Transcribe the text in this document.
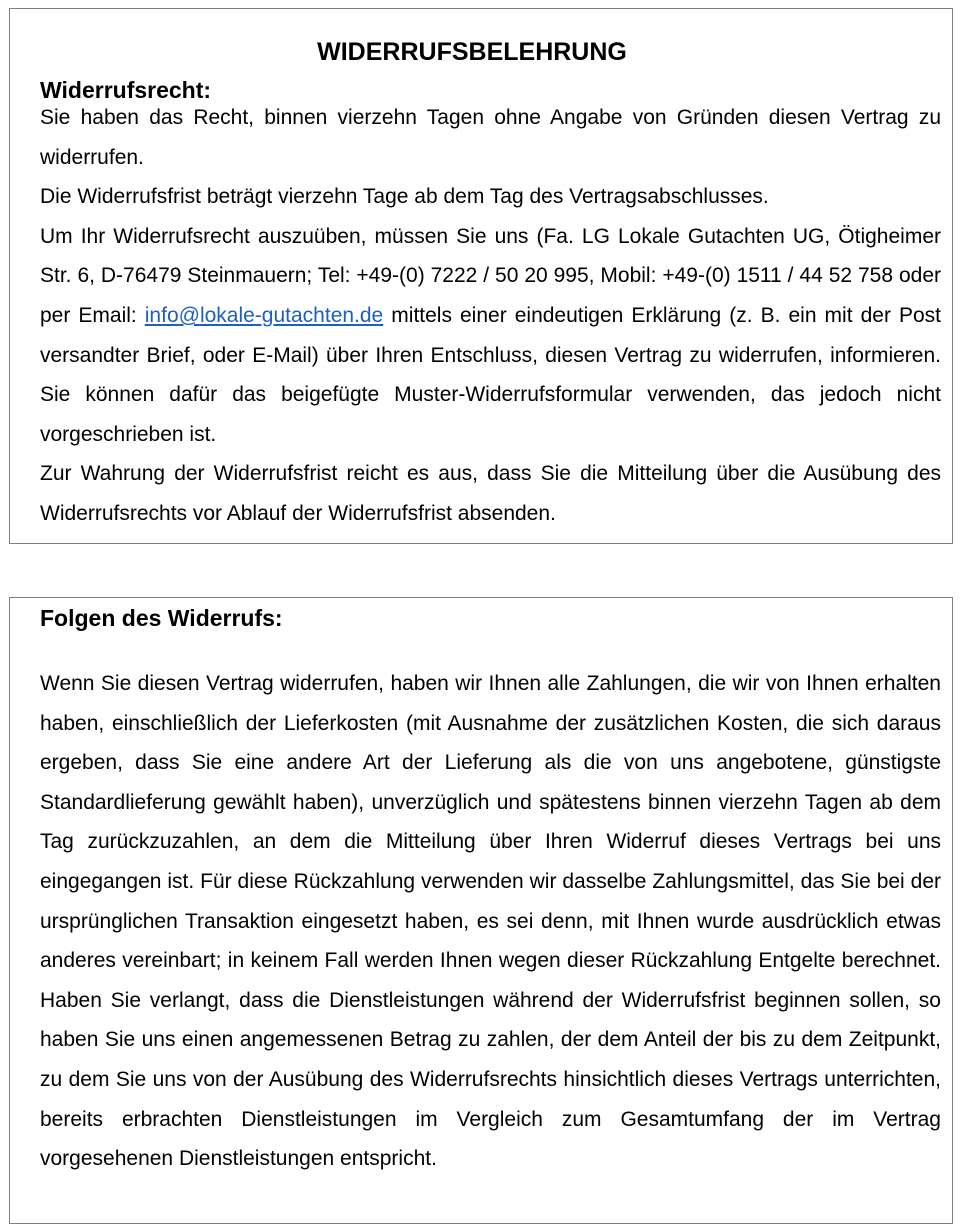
WIDERRUFSBELEHRUNG
Widerrufsrecht:

Sie haben das Recht, binnen vierzehn Tagen ohne Angabe von Gründen diesen Vertrag zu widerrufen.

Die Widerrufsfrist beträgt vierzehn Tage ab dem Tag des Vertragsabschlusses.

Um Ihr Widerrufsrecht auszuüben, müssen Sie uns (Fa. LG Lokale Gutachten UG, Ötigheimer Str. 6, D-76479 Steinmauern; Tel: +49-(0) 7222 / 50 20 995, Mobil: +49-(0) 1511 / 44 52 758 oder per Email: info@lokale-gutachten.de mittels einer eindeutigen Erklärung (z. B. ein mit der Post versandter Brief, oder E-Mail) über Ihren Entschluss, diesen Vertrag zu widerrufen, informieren. Sie können dafür das beigefügte Muster-Widerrufsformular verwenden, das jedoch nicht vorgeschrieben ist.

Zur Wahrung der Widerrufsfrist reicht es aus, dass Sie die Mitteilung über die Ausübung des Widerrufsrechts vor Ablauf der Widerrufsfrist absenden.

Folgen des Widerrufs:

Wenn Sie diesen Vertrag widerrufen, haben wir Ihnen alle Zahlungen, die wir von Ihnen erhalten haben, einschließlich der Lieferkosten (mit Ausnahme der zusätzlichen Kosten, die sich daraus ergeben, dass Sie eine andere Art der Lieferung als die von uns angebotene, günstigste Standardlieferung gewählt haben), unverzüglich und spätestens binnen vierzehn Tagen ab dem Tag zurückzuzahlen, an dem die Mitteilung über Ihren Widerruf dieses Vertrags bei uns eingegangen ist. Für diese Rückzahlung verwenden wir dasselbe Zahlungsmittel, das Sie bei der ursprünglichen Transaktion eingesetzt haben, es sei denn, mit Ihnen wurde ausdrücklich etwas anderes vereinbart; in keinem Fall werden Ihnen wegen dieser Rückzahlung Entgelte berechnet. Haben Sie verlangt, dass die Dienstleistungen während der Widerrufsfrist beginnen sollen, so haben Sie uns einen angemessenen Betrag zu zahlen, der dem Anteil der bis zu dem Zeitpunkt, zu dem Sie uns von der Ausübung des Widerrufsrechts hinsichtlich dieses Vertrags unterrichten, bereits erbrachten Dienstleistungen im Vergleich zum Gesamtumfang der im Vertrag vorgesehenen Dienstleistungen entspricht.
